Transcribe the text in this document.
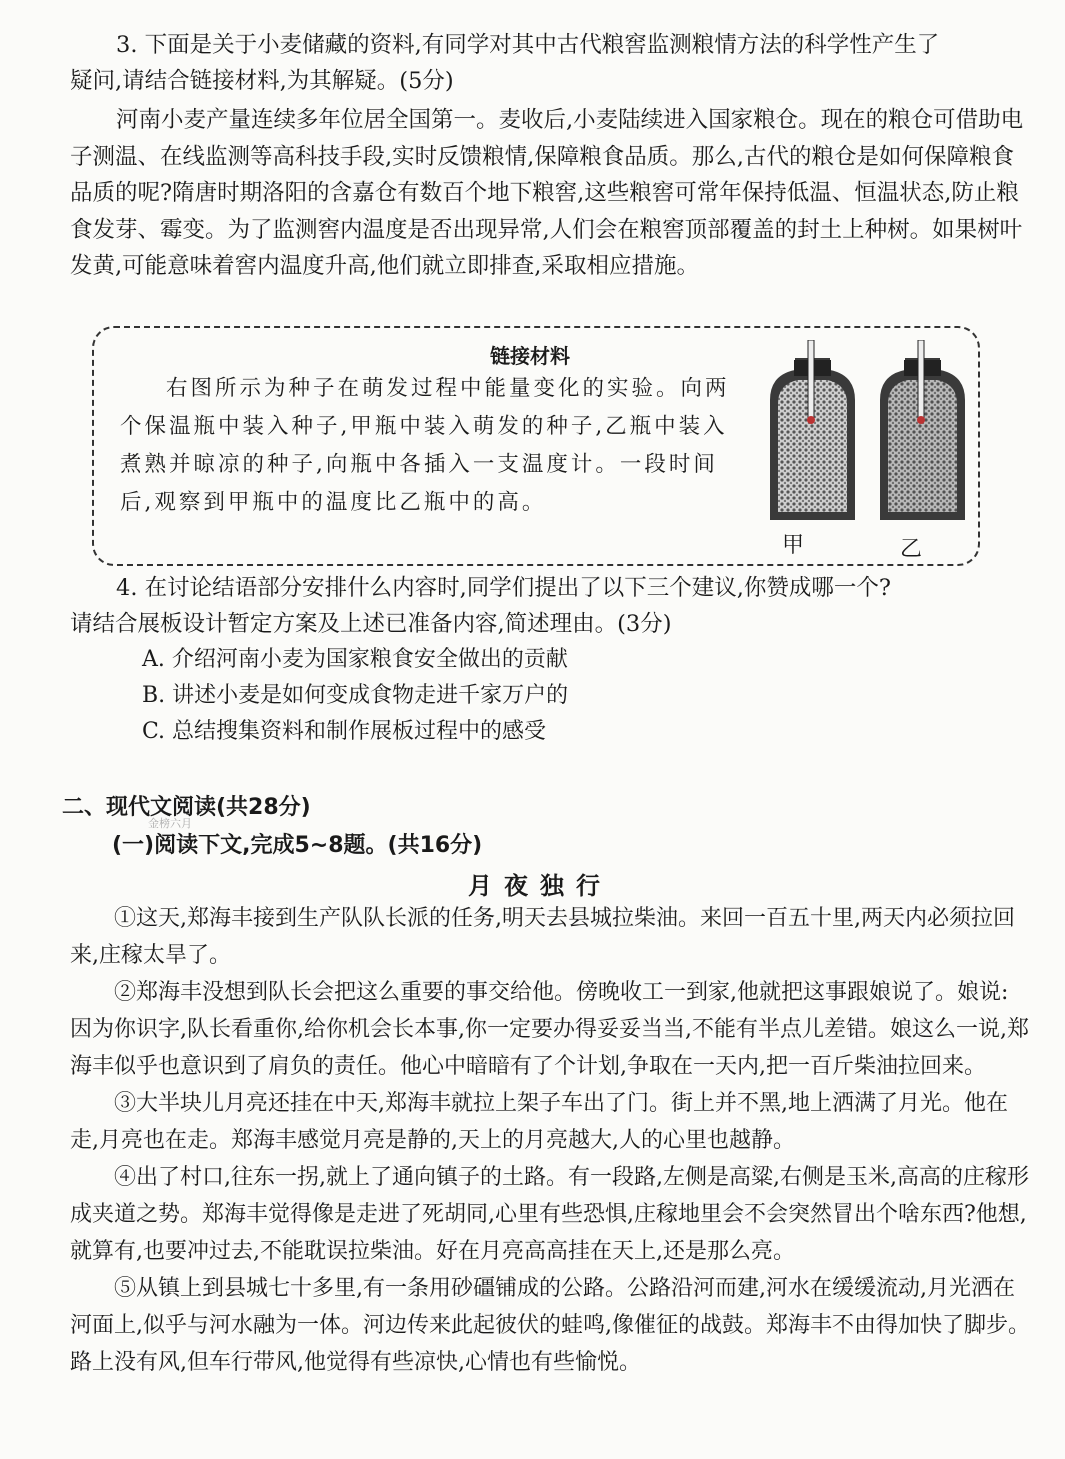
3. 下面是关于小麦储藏的资料,有同学对其中古代粮窖监测粮情方法的科学性产生了
疑问,请结合链接材料,为其解疑。(5分)

河南小麦产量连续多年位居全国第一。麦收后,小麦陆续进入国家粮仓。现在的粮仓可借助电子测温、在线监测等高科技手段,实时反馈粮情,保障粮食品质。那么,古代的粮仓是如何保障粮食品质的呢?隋唐时期洛阳的含嘉仓有数百个地下粮窖,这些粮窖可常年保持低温、恒温状态,防止粮食发芽、霉变。为了监测窖内温度是否出现异常,人们会在粮窖顶部覆盖的封土上种树。如果树叶发黄,可能意味着窖内温度升高,他们就立即排查,采取相应措施。

链接材料

右图所示为种子在萌发过程中能量变化的实验。向两个保温瓶中装入种子,甲瓶中装入萌发的种子,乙瓶中装入煮熟并晾凉的种子,向瓶中各插入一支温度计。一段时间后,观察到甲瓶中的温度比乙瓶中的高。

甲	乙
4. 在讨论结语部分安排什么内容时,同学们提出了以下三个建议,你赞成哪一个?
请结合展板设计暂定方案及上述已准备内容,简述理由。(3分)
A. 介绍河南小麦为国家粮食安全做出的贡献
B. 讲述小麦是如何变成食物走进千家万户的
C. 总结搜集资料和制作展板过程中的感受
二、现代文阅读(共28分)
金榜六月
(一)阅读下文,完成5~8题。(共16分)
月夜独行

①这天,郑海丰接到生产队队长派的任务,明天去县城拉柴油。来回一百五十里,两天内必须拉回来,庄稼太旱了。

②郑海丰没想到队长会把这么重要的事交给他。傍晚收工一到家,他就把这事跟娘说了。娘说:因为你识字,队长看重你,给你机会长本事,你一定要办得妥妥当当,不能有半点儿差错。娘这么一说,郑海丰似乎也意识到了肩负的责任。他心中暗暗有了个计划,争取在一天内,把一百斤柴油拉回来。

③大半块儿月亮还挂在中天,郑海丰就拉上架子车出了门。街上并不黑,地上洒满了月光。他在走,月亮也在走。郑海丰感觉月亮是静的,天上的月亮越大,人的心里也越静。

④出了村口,往东一拐,就上了通向镇子的土路。有一段路,左侧是高粱,右侧是玉米,高高的庄稼形成夹道之势。郑海丰觉得像是走进了死胡同,心里有些恐惧,庄稼地里会不会突然冒出个啥东西?他想,就算有,也要冲过去,不能耽误拉柴油。好在月亮高高挂在天上,还是那么亮。

⑤从镇上到县城七十多里,有一条用砂礓铺成的公路。公路沿河而建,河水在缓缓流动,月光洒在河面上,似乎与河水融为一体。河边传来此起彼伏的蛙鸣,像催征的战鼓。郑海丰不由得加快了脚步。路上没有风,但车行带风,他觉得有些凉快,心情也有些愉悦。
